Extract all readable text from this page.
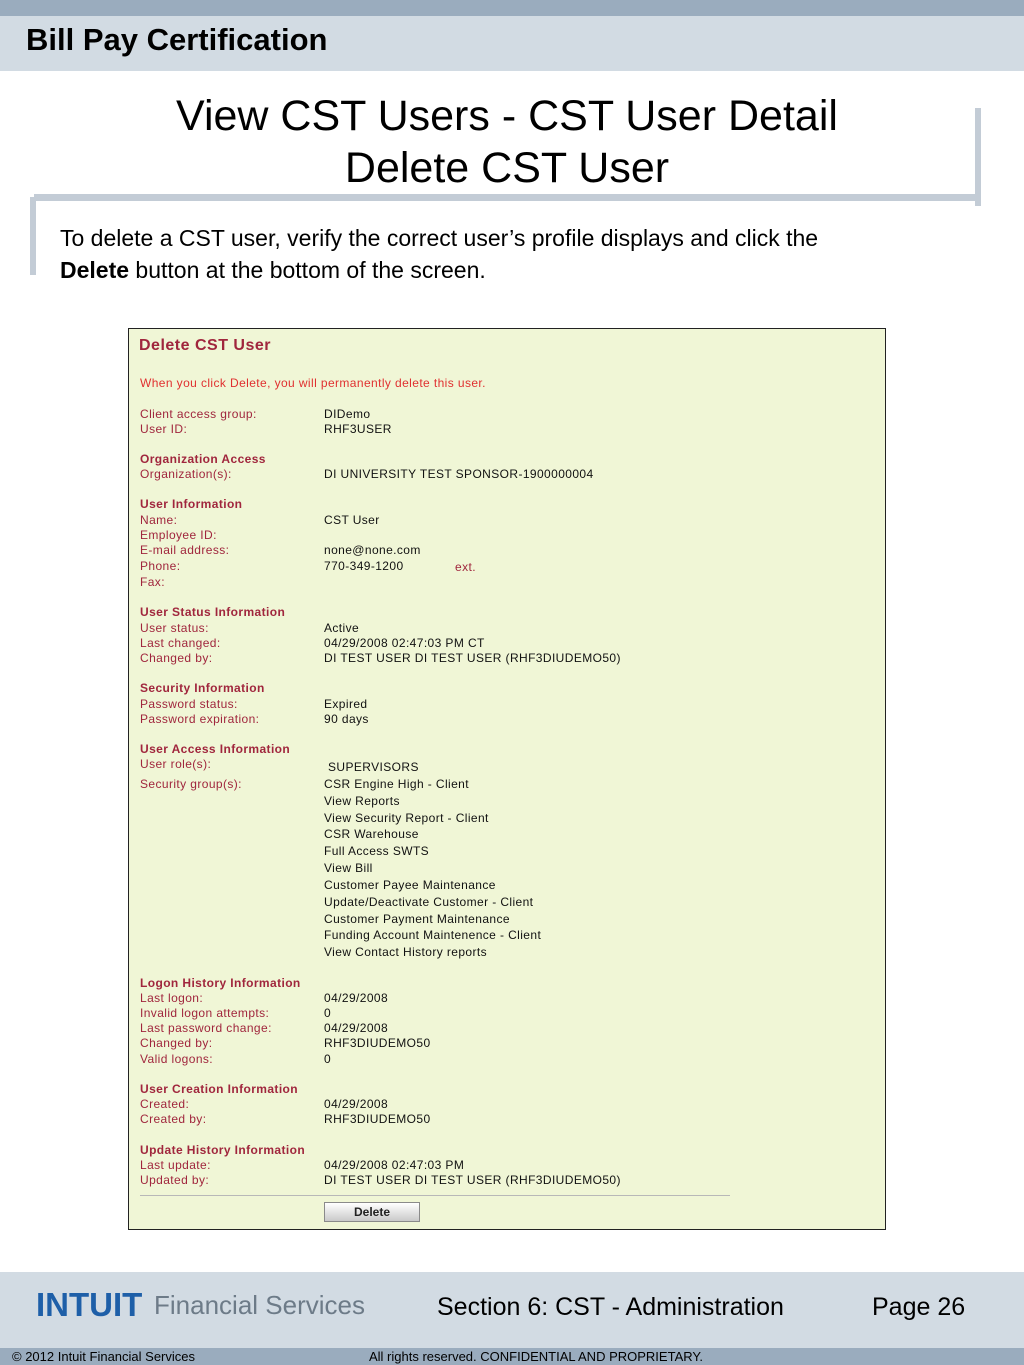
Bill Pay Certification
View CST Users - CST User Detail
Delete CST User
To delete a CST user, verify the correct user’s profile displays and click the
Delete button at the bottom of the screen.
Delete CST User
When you click Delete, you will permanently delete this user.
Client access group:	DIDemo
User ID:	RHF3USER
Organization Access
Organization(s):	DI UNIVERSITY TEST SPONSOR-1900000004
User Information
Name:	CST User
Employee ID:
E-mail address:	none@none.com
Phone:	770-349-1200	ext.
Fax:
User Status Information
User status:	Active
Last changed:	04/29/2008 02:47:03 PM CT
Changed by:	DI TEST USER DI TEST USER (RHF3DIUDEMO50)
Security Information
Password status:	Expired
Password expiration:	90 days
User Access Information
User role(s):	SUPERVISORS
Security group(s):	CSR Engine High - Client
View Reports
View Security Report - Client
CSR Warehouse
Full Access SWTS
View Bill
Customer Payee Maintenance
Update/Deactivate Customer - Client
Customer Payment Maintenance
Funding Account Maintenence - Client
View Contact History reports
Logon History Information
Last logon:	04/29/2008
Invalid logon attempts:	0
Last password change:	04/29/2008
Changed by:	RHF3DIUDEMO50
Valid logons:	0
User Creation Information
Created:	04/29/2008
Created by:	RHF3DIUDEMO50
Update History Information
Last update:	04/29/2008 02:47:03 PM
Updated by:	DI TEST USER DI TEST USER (RHF3DIUDEMO50)
Delete
INTUIT Financial Services	Section 6: CST - Administration	Page 26
© 2012 Intuit Financial Services	All rights reserved. CONFIDENTIAL AND PROPRIETARY.
